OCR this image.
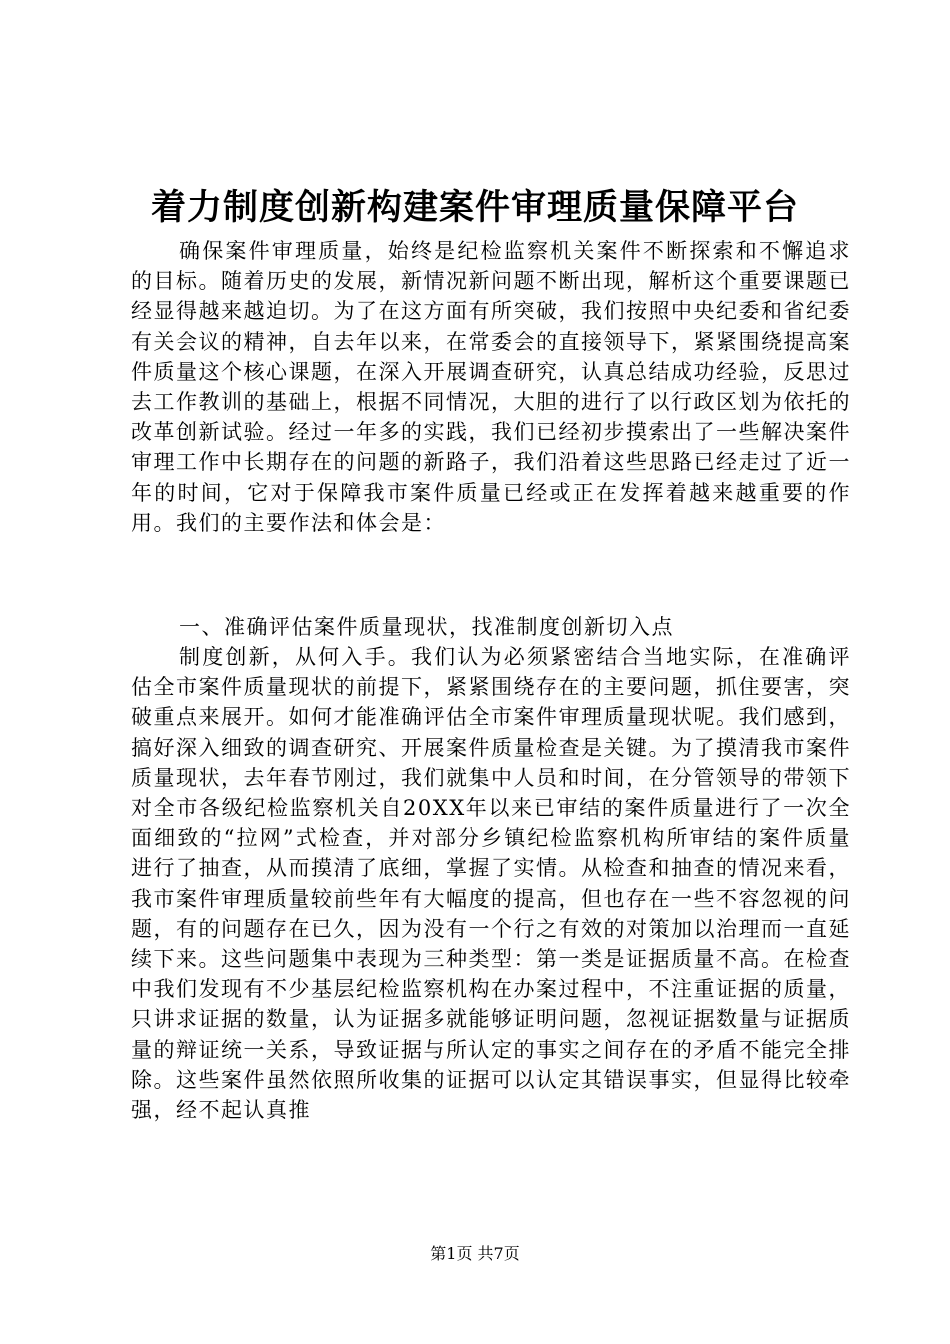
着力制度创新构建案件审理质量保障平台

确保案件审理质量，始终是纪检监察机关案件不断探索和不懈追求的目标。随着历史的发展，新情况新问题不断出现，解析这个重要课题已经显得越来越迫切。为了在这方面有所突破，我们按照中央纪委和省纪委有关会议的精神，自去年以来，在常委会的直接领导下，紧紧围绕提高案件质量这个核心课题，在深入开展调查研究，认真总结成功经验，反思过去工作教训的基础上，根据不同情况，大胆的进行了以行政区划为依托的改革创新试验。经过一年多的实践，我们已经初步摸索出了一些解决案件审理工作中长期存在的问题的新路子，我们沿着这些思路已经走过了近一年的时间，它对于保障我市案件质量已经或正在发挥着越来越重要的作用。我们的主要作法和体会是：

一、准确评估案件质量现状，找准制度创新切入点

制度创新，从何入手。我们认为必须紧密结合当地实际，在准确评估全市案件质量现状的前提下，紧紧围绕存在的主要问题，抓住要害，突破重点来展开。如何才能准确评估全市案件审理质量现状呢。我们感到，搞好深入细致的调查研究、开展案件质量检查是关键。为了摸清我市案件质量现状，去年春节刚过，我们就集中人员和时间，在分管领导的带领下对全市各级纪检监察机关自20XX年以来已审结的案件质量进行了一次全面细致的“拉网”式检查，并对部分乡镇纪检监察机构所审结的案件质量进行了抽查，从而摸清了底细，掌握了实情。从检查和抽查的情况来看，我市案件审理质量较前些年有大幅度的提高，但也存在一些不容忽视的问题，有的问题存在已久，因为没有一个行之有效的对策加以治理而一直延续下来。这些问题集中表现为三种类型：第一类是证据质量不高。在检查中我们发现有不少基层纪检监察机构在办案过程中，不注重证据的质量，只讲求证据的数量，认为证据多就能够证明问题，忽视证据数量与证据质量的辩证统一关系，导致证据与所认定的事实之间存在的矛盾不能完全排除。这些案件虽然依照所收集的证据可以认定其错误事实，但显得比较牵强，经不起认真推

第1页 共7页
